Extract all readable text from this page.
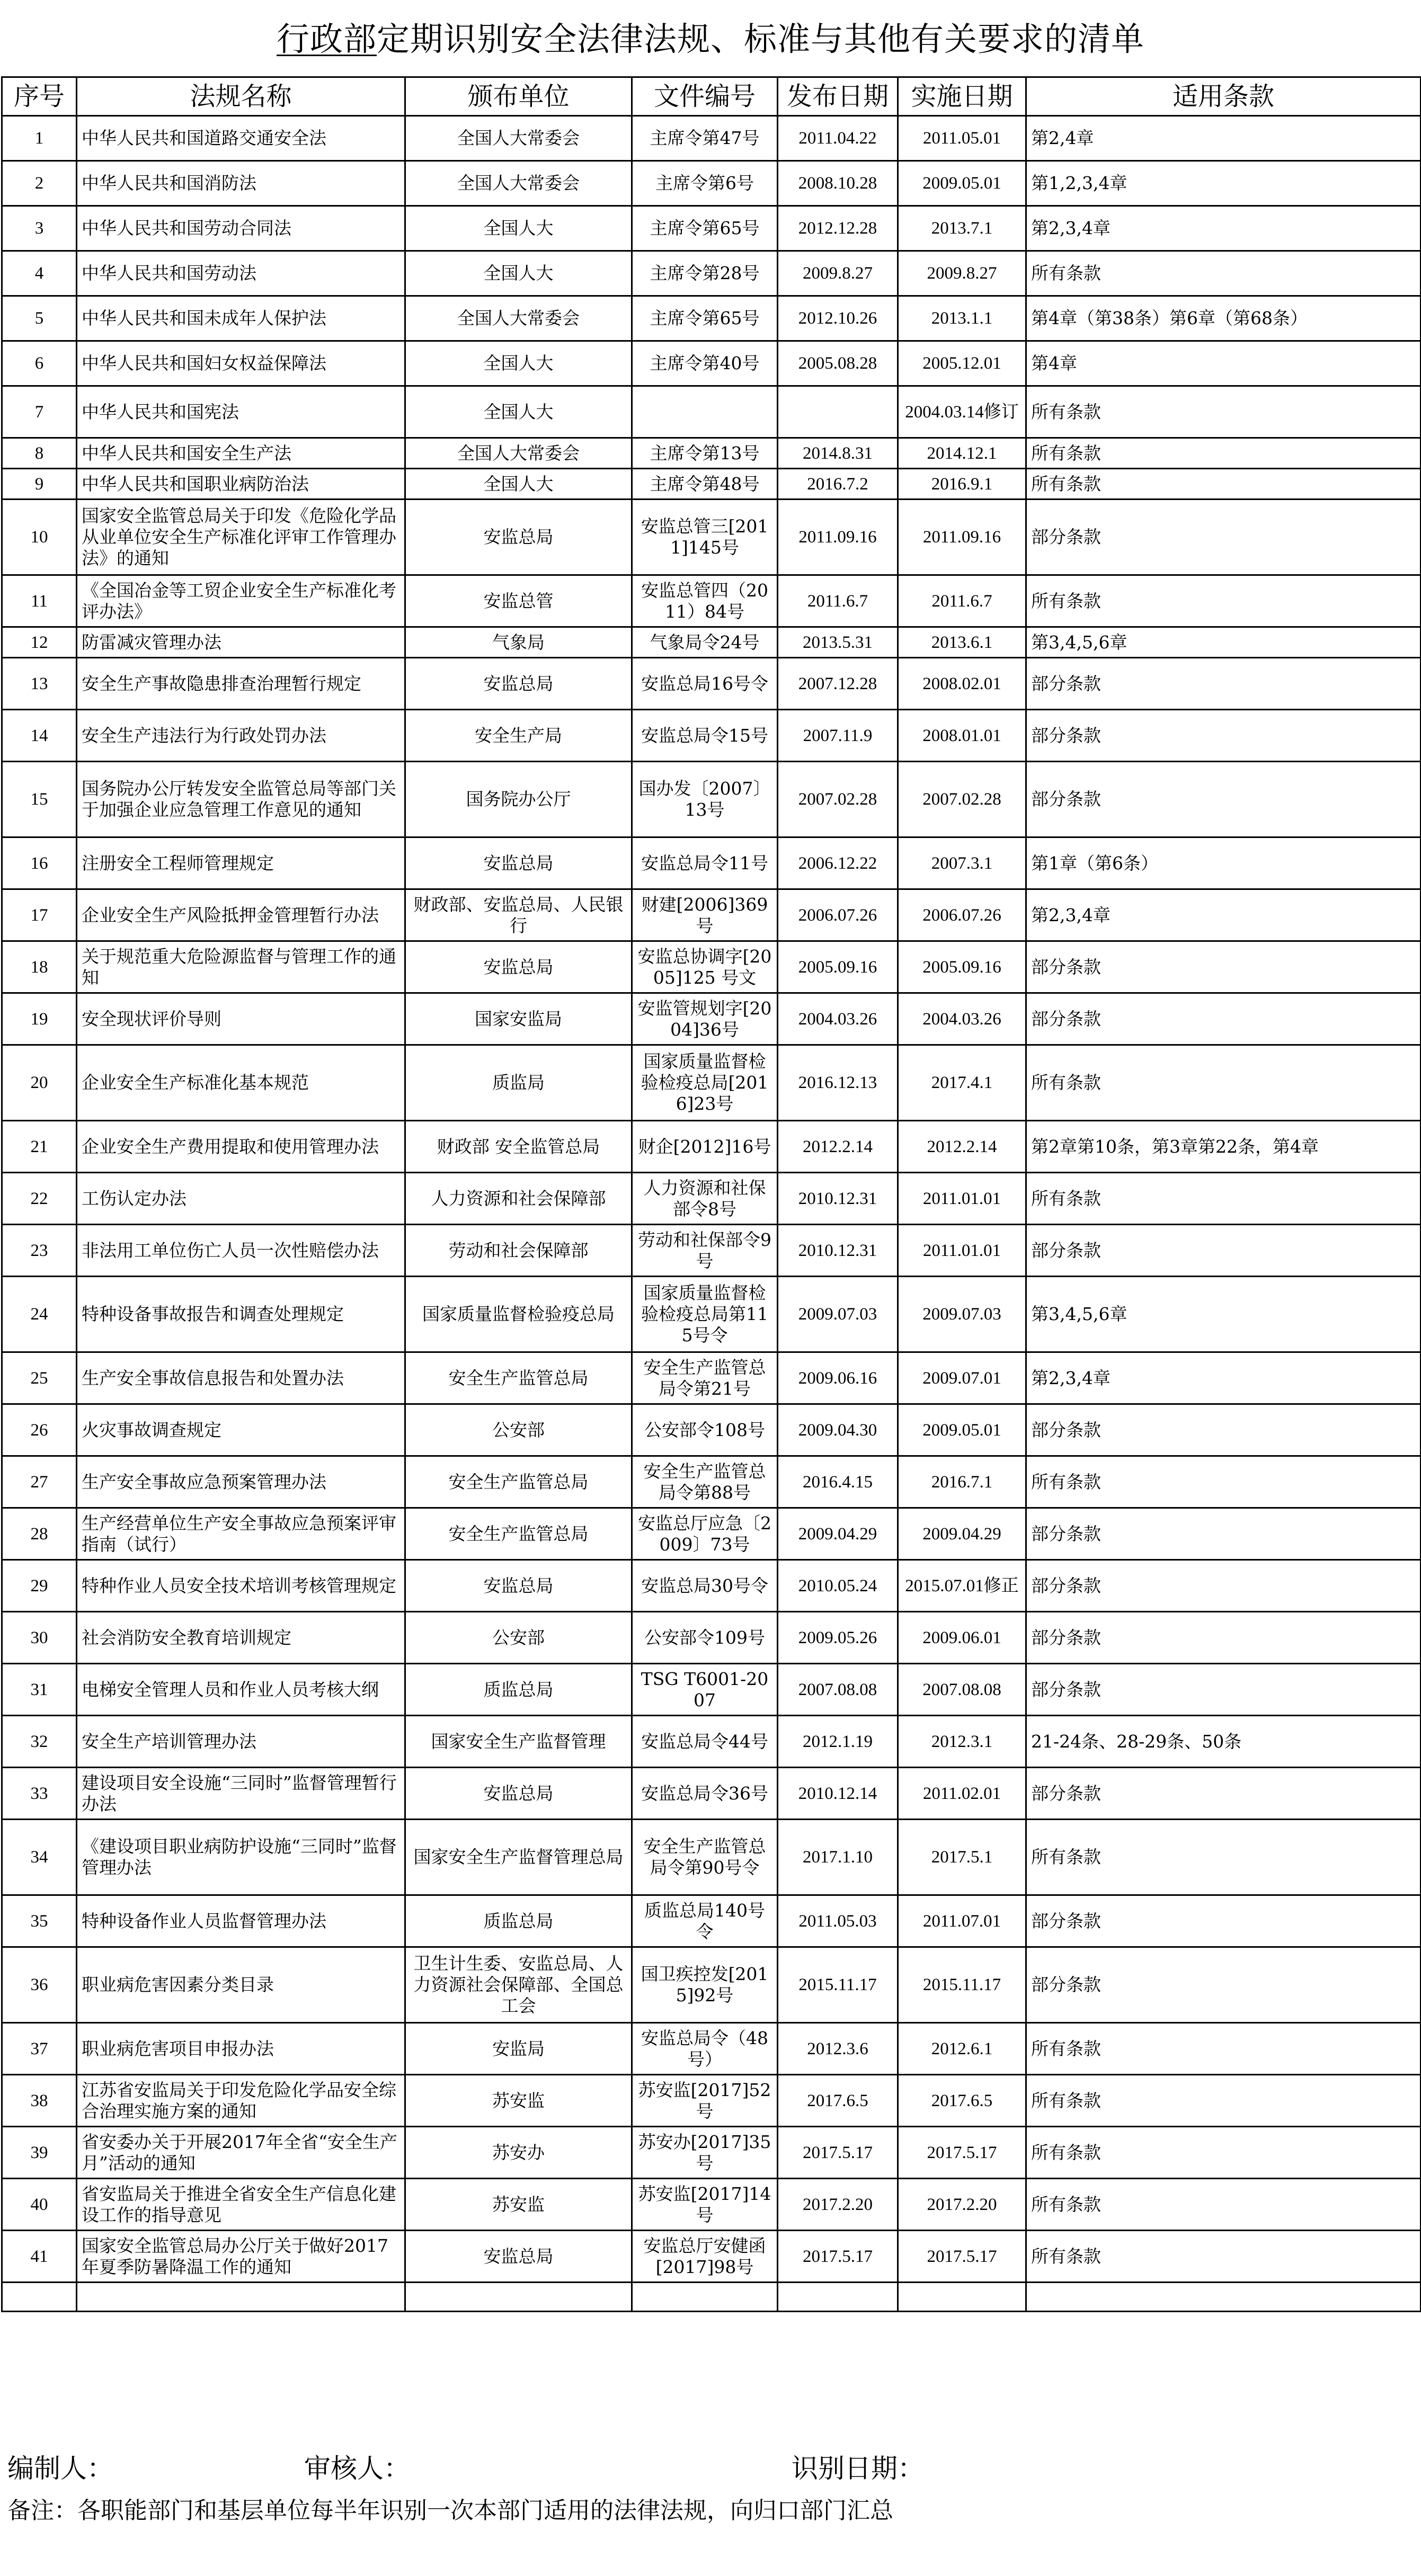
行政部定期识别安全法律法规、标准与其他有关要求的清单
序号	法规名称	颁布单位	文件编号	发布日期	实施日期	适用条款
1	中华人民共和国道路交通安全法	全国人大常委会	主席令第47号	2011.04.22	2011.05.01	第2,4章
2	中华人民共和国消防法	全国人大常委会	主席令第6号	2008.10.28	2009.05.01	第1,2,3,4章
3	中华人民共和国劳动合同法	全国人大	主席令第65号	2012.12.28	2013.7.1	第2,3,4章
4	中华人民共和国劳动法	全国人大	主席令第28号	2009.8.27	2009.8.27	所有条款
5	中华人民共和国未成年人保护法	全国人大常委会	主席令第65号	2012.10.26	2013.1.1	第4章（第38条）第6章（第68条）
6	中华人民共和国妇女权益保障法	全国人大	主席令第40号	2005.08.28	2005.12.01	第4章
7	中华人民共和国宪法	全国人大			2004.03.14修订	所有条款
8	中华人民共和国安全生产法	全国人大常委会	主席令第13号	2014.8.31	2014.12.1	所有条款
9	中华人民共和国职业病防治法	全国人大	主席令第48号	2016.7.2	2016.9.1	所有条款
10	国家安全监管总局关于印发《危险化学品从业单位安全生产标准化评审工作管理办法》的通知	安监总局	安监总管三[2011]145号	2011.09.16	2011.09.16	部分条款
11	《全国冶金等工贸企业安全生产标准化考评办法》	安监总管	安监总管四（2011）84号	2011.6.7	2011.6.7	所有条款
12	防雷减灾管理办法	气象局	气象局令24号	2013.5.31	2013.6.1	第3,4,5,6章
13	安全生产事故隐患排查治理暂行规定	安监总局	安监总局16号令	2007.12.28	2008.02.01	部分条款
14	安全生产违法行为行政处罚办法	安全生产局	安监总局令15号	2007.11.9	2008.01.01	部分条款
15	国务院办公厅转发安全监管总局等部门关于加强企业应急管理工作意见的通知	国务院办公厅	国办发〔2007〕13号	2007.02.28	2007.02.28	部分条款
16	注册安全工程师管理规定	安监总局	安监总局令11号	2006.12.22	2007.3.1	第1章（第6条）
17	企业安全生产风险抵押金管理暂行办法	财政部、安监总局、人民银行	财建[2006]369号	2006.07.26	2006.07.26	第2,3,4章
18	关于规范重大危险源监督与管理工作的通知	安监总局	安监总协调字[2005]125 号文	2005.09.16	2005.09.16	部分条款
19	安全现状评价导则	国家安监局	安监管规划字[2004]36号	2004.03.26	2004.03.26	部分条款
20	企业安全生产标准化基本规范	质监局	国家质量监督检验检疫总局[2016]23号	2016.12.13	2017.4.1	所有条款
21	企业安全生产费用提取和使用管理办法	财政部 安全监管总局	财企[2012]16号	2012.2.14	2012.2.14	第2章第10条，第3章第22条，第4章
22	工伤认定办法	人力资源和社会保障部	人力资源和社保部令8号	2010.12.31	2011.01.01	所有条款
23	非法用工单位伤亡人员一次性赔偿办法	劳动和社会保障部	劳动和社保部令9号	2010.12.31	2011.01.01	部分条款
24	特种设备事故报告和调查处理规定	国家质量监督检验疫总局	国家质量监督检验检疫总局第115号令	2009.07.03	2009.07.03	第3,4,5,6章
25	生产安全事故信息报告和处置办法	安全生产监管总局	安全生产监管总局令第21号	2009.06.16	2009.07.01	第2,3,4章
26	火灾事故调查规定	公安部	公安部令108号	2009.04.30	2009.05.01	部分条款
27	生产安全事故应急预案管理办法	安全生产监管总局	安全生产监管总局令第88号	2016.4.15	2016.7.1	所有条款
28	生产经营单位生产安全事故应急预案评审指南（试行）	安全生产监管总局	安监总厅应急〔2009〕73号	2009.04.29	2009.04.29	部分条款
29	特种作业人员安全技术培训考核管理规定	安监总局	安监总局30号令	2010.05.24	2015.07.01修正	部分条款
30	社会消防安全教育培训规定	公安部	公安部令109号	2009.05.26	2009.06.01	部分条款
31	电梯安全管理人员和作业人员考核大纲	质监总局	TSG T6001-2007	2007.08.08	2007.08.08	部分条款
32	安全生产培训管理办法	国家安全生产监督管理	安监总局令44号	2012.1.19	2012.3.1	21-24条、28-29条、50条
33	建设项目安全设施“三同时”监督管理暂行办法	安监总局	安监总局令36号	2010.12.14	2011.02.01	部分条款
34	《建设项目职业病防护设施“三同时”监督管理办法	国家安全生产监督管理总局	安全生产监管总局令第90号令	2017.1.10	2017.5.1	所有条款
35	特种设备作业人员监督管理办法	质监总局	质监总局140号令	2011.05.03	2011.07.01	部分条款
36	职业病危害因素分类目录	卫生计生委、安监总局、人力资源社会保障部、全国总工会	国卫疾控发[2015]92号	2015.11.17	2015.11.17	部分条款
37	职业病危害项目申报办法	安监局	安监总局令（48号）	2012.3.6	2012.6.1	所有条款
38	江苏省安监局关于印发危险化学品安全综合治理实施方案的通知	苏安监	苏安监[2017]52号	2017.6.5	2017.6.5	所有条款
39	省安委办关于开展2017年全省“安全生产月”活动的通知	苏安办	苏安办[2017]35号	2017.5.17	2017.5.17	所有条款
40	省安监局关于推进全省安全生产信息化建设工作的指导意见	苏安监	苏安监[2017]14号	2017.2.20	2017.2.20	所有条款
41	国家安全监管总局办公厅关于做好2017年夏季防暑降温工作的通知	安监总局	安监总厅安健函[2017]98号	2017.5.17	2017.5.17	所有条款

编制人：	审核人：	识别日期：
备注：各职能部门和基层单位每半年识别一次本部门适用的法律法规，向归口部门汇总
